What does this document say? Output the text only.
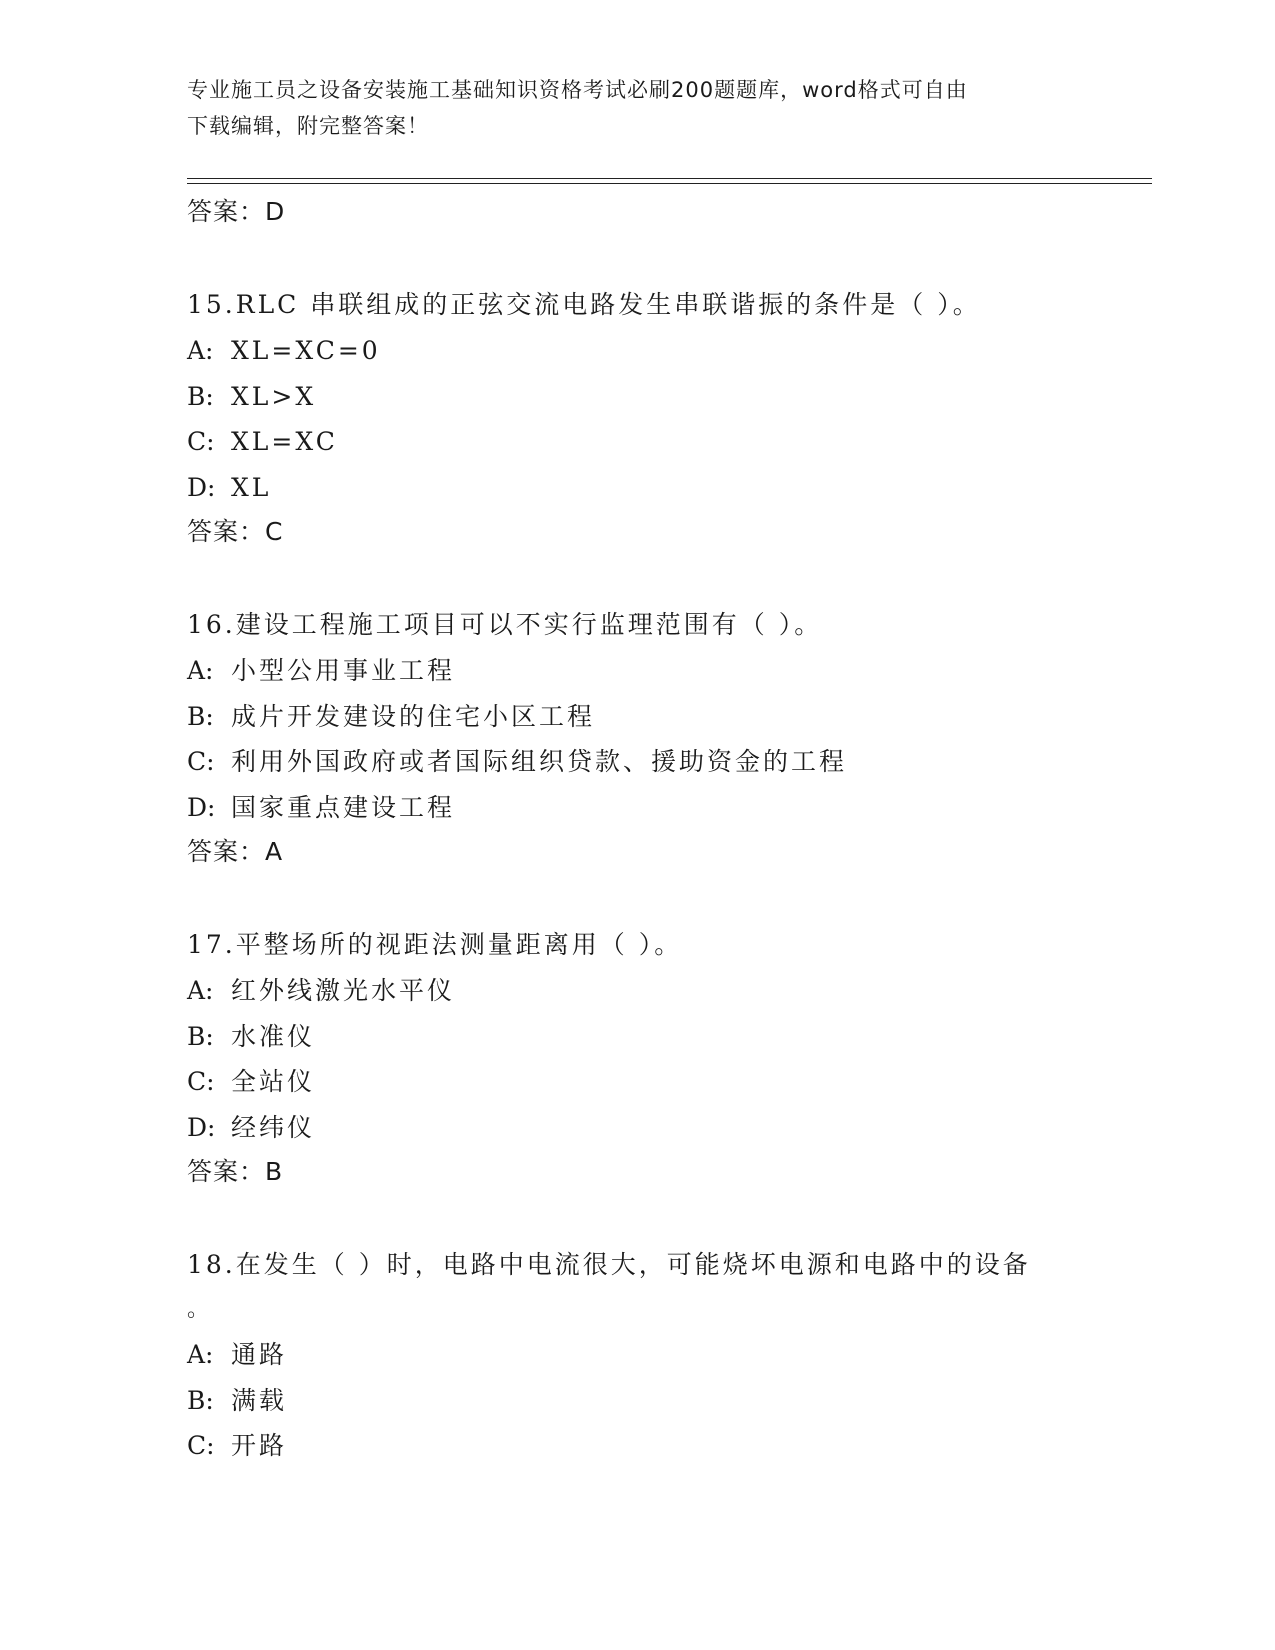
专业施工员之设备安装施工基础知识资格考试必刷200题题库，word格式可自由
下载编辑，附完整答案！
答案：D
15.RLC 串联组成的正弦交流电路发生串联谐振的条件是（ ）。
A: XL=XC=0
B: XL>X
C: XL=XC
D: XL
答案：C
16.建设工程施工项目可以不实行监理范围有（ ）。
A: 小型公用事业工程
B: 成片开发建设的住宅小区工程
C: 利用外国政府或者国际组织贷款、援助资金的工程
D: 国家重点建设工程
答案：A
17.平整场所的视距法测量距离用（ ）。
A: 红外线激光水平仪
B: 水准仪
C: 全站仪
D: 经纬仪
答案：B
18.在发生（ ）时，电路中电流很大，可能烧坏电源和电路中的设备
。
A: 通路
B: 满载
C: 开路
